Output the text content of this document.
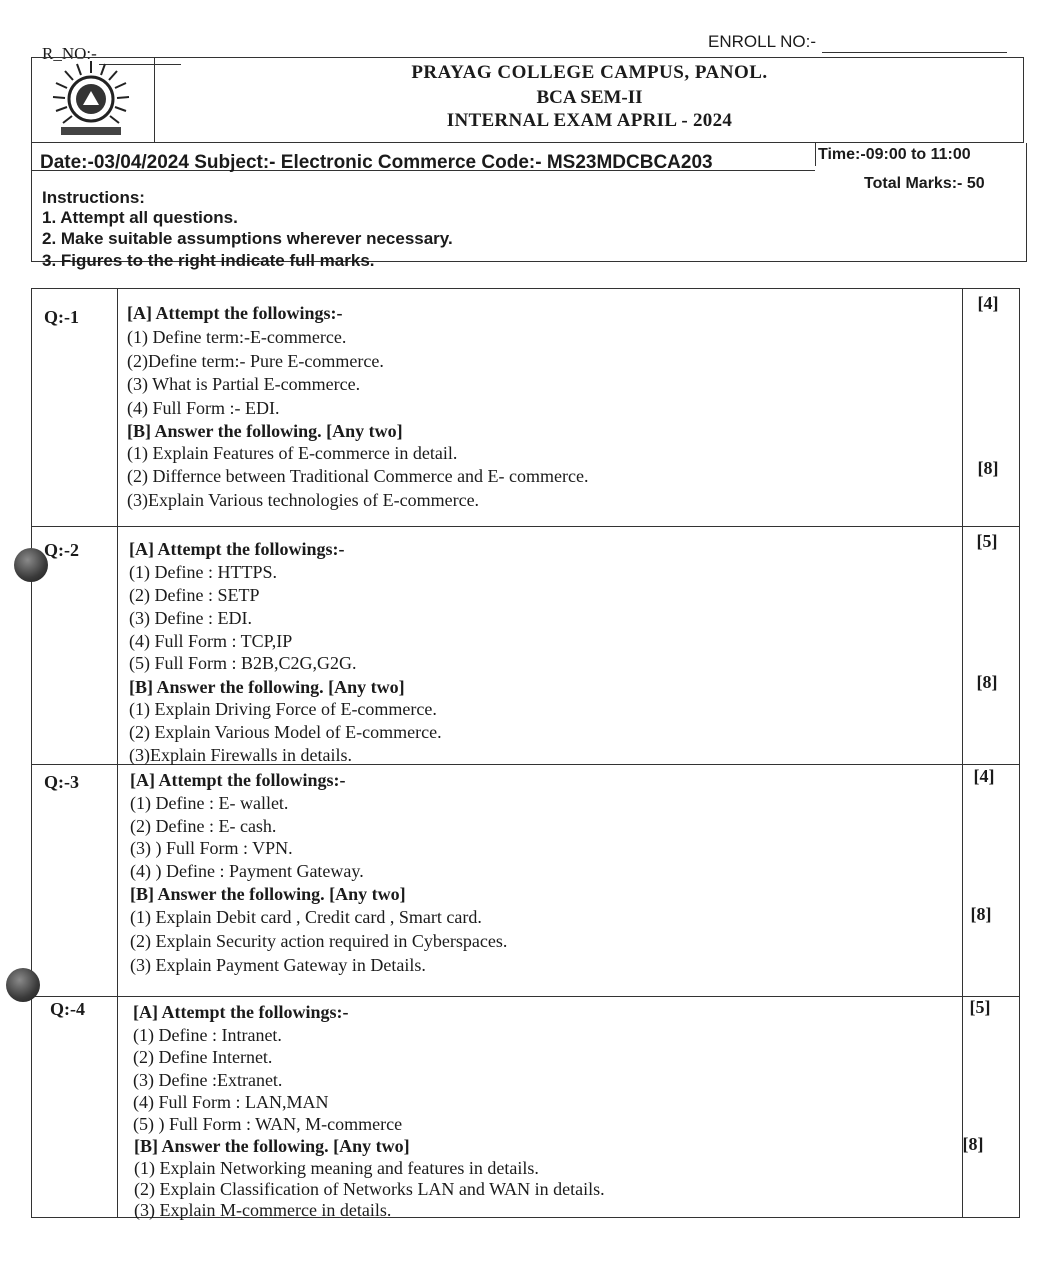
R_NO:-
ENROLL NO:-
PRAYAG COLLEGE CAMPUS, PANOL.
BCA SEM-II
INTERNAL EXAM APRIL - 2024
Date:-03/04/2024 Subject:- Electronic Commerce Code:- MS23MDCBCA203	Time:-09:00 to 11:00
Total Marks:- 50
Instructions:
1. Attempt all questions.
2. Make suitable assumptions wherever necessary.
3. Figures to the right indicate full marks.
Q:-1	[A] Attempt the followings:-
(1) Define term:-E-commerce.
(2)Define term:- Pure E-commerce.
(3) What is Partial E-commerce.
(4) Full Form :- EDI.
[B] Answer the following. [Any two]
(1) Explain Features of E-commerce in detail.
(2) Differnce between Traditional Commerce and E- commerce.
(3)Explain Various technologies of E-commerce.
[4]
[8]
Q:-2	[A] Attempt the followings:-
(1) Define : HTTPS.
(2) Define : SETP
(3) Define : EDI.
(4) Full Form : TCP,IP
(5) Full Form : B2B,C2G,G2G.
[B] Answer the following. [Any two]
(1) Explain Driving Force of E-commerce.
(2) Explain Various Model of E-commerce.
(3)Explain Firewalls in details.
[5]
[8]
Q:-3	[A] Attempt the followings:-
(1) Define : E- wallet.
(2) Define : E- cash.
(3) ) Full Form : VPN.
(4) ) Define : Payment Gateway.
[B] Answer the following. [Any two]
(1) Explain Debit card , Credit card , Smart card.
(2) Explain Security action required in Cyberspaces.
(3) Explain Payment Gateway in Details.
[4]
[8]
Q:-4	[A] Attempt the followings:-
(1) Define : Intranet.
(2) Define Internet.
(3) Define :Extranet.
(4) Full Form : LAN,MAN
(5) ) Full Form : WAN, M-commerce
[B] Answer the following. [Any two]
(1) Explain Networking meaning and features in details.
(2) Explain Classification of Networks LAN and WAN in details.
(3) Explain M-commerce in details.
[5]
[8]
